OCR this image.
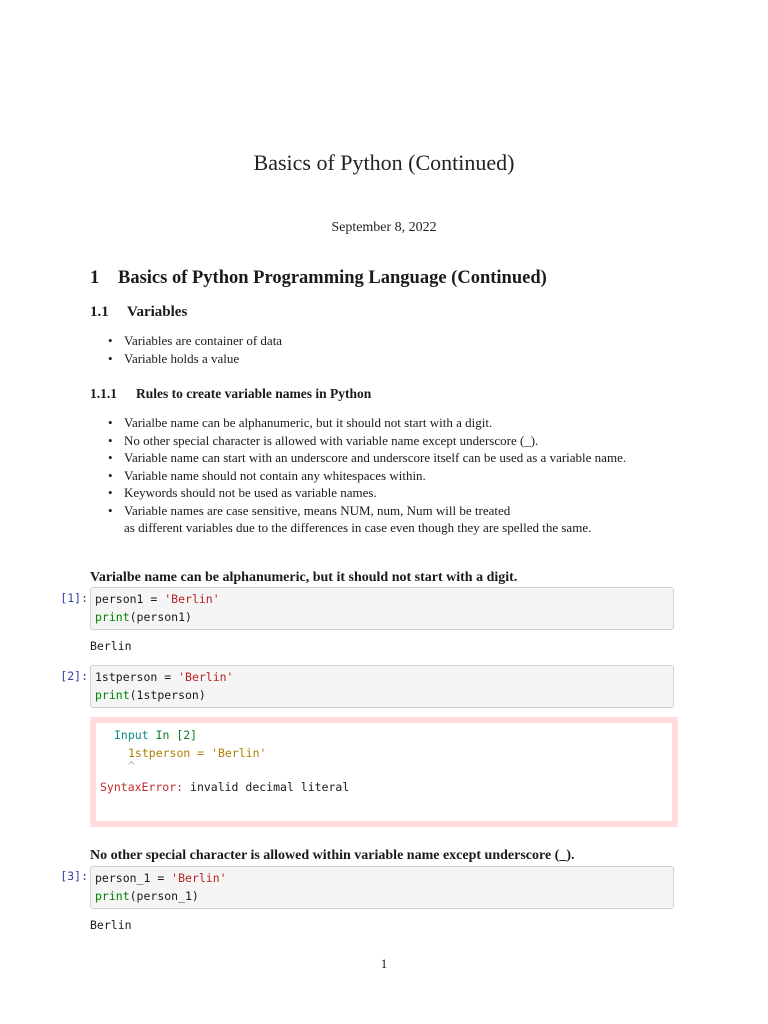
Basics of Python (Continued)
September 8, 2022
1 Basics of Python Programming Language (Continued)
1.1 Variables
• Variables are container of data
• Variable holds a value
1.1.1 Rules to create variable names in Python
• Varialbe name can be alphanumeric, but it should not start with a digit.
• No other special character is allowed with variable name except underscore (_).
• Variable name can start with an underscore and underscore itself can be used as a variable name.
• Variable name should not contain any whitespaces within.
• Keywords should not be used as variable names.
• Variable names are case sensitive, means NUM, num, Num will be treated
as different variables due to the differences in case even though they are spelled the same.
Varialbe name can be alphanumeric, but it should not start with a digit.
[1]: person1 = 'Berlin'
print(person1)
Berlin
[2]: 1stperson = 'Berlin'
print(1stperson)
Input In [2]
1stperson = 'Berlin'
^
SyntaxError: invalid decimal literal
No other special character is allowed within variable name except underscore (_).
[3]: person_1 = 'Berlin'
print(person_1)
Berlin
1
